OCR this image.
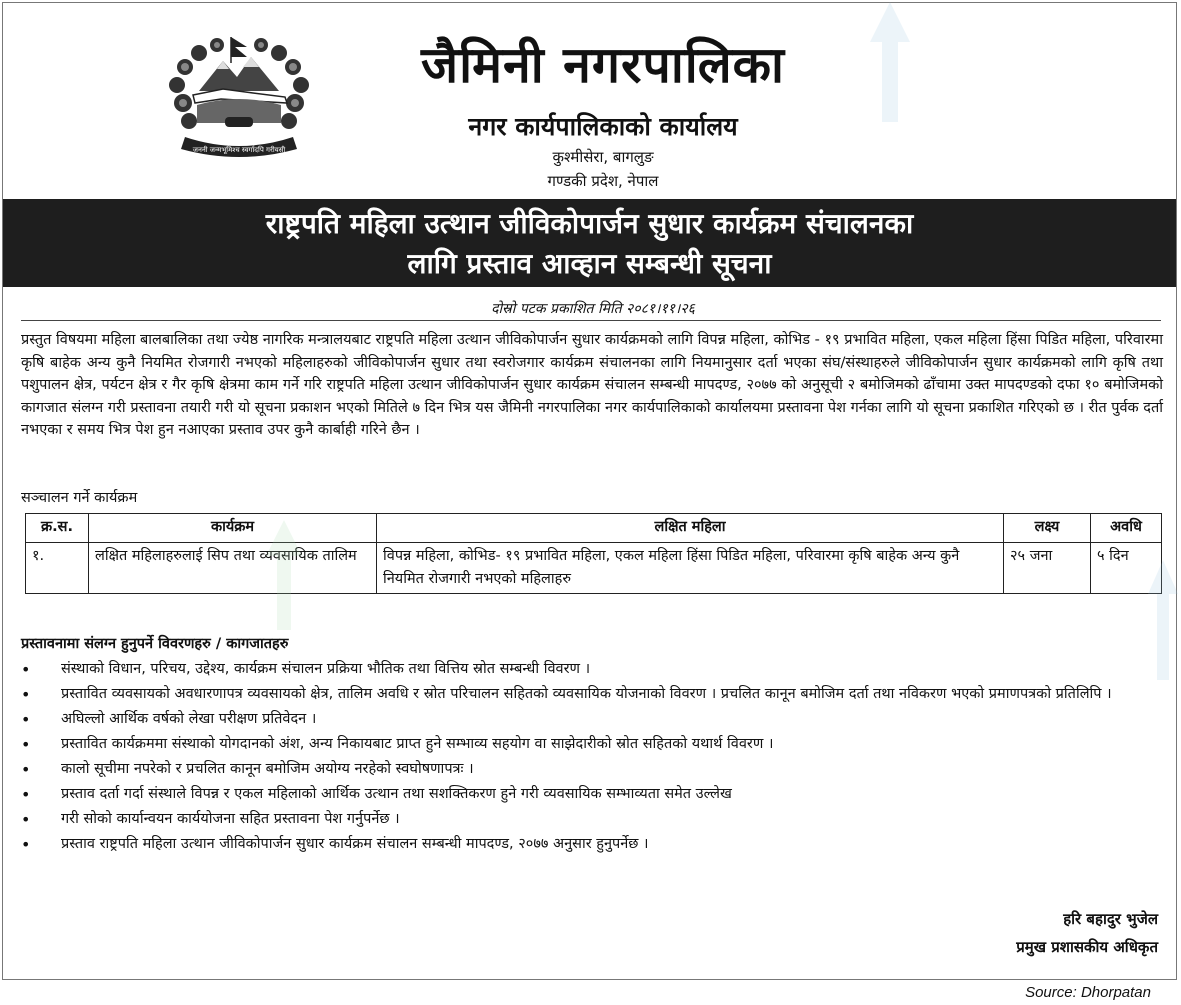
जननी जन्मभूमिश्च स्वर्गादपि गरीयसी
जैमिनी नगरपालिका
नगर कार्यपालिकाको कार्यालय
कुश्मीसेरा, बागलुङ
गण्डकी प्रदेश, नेपाल
राष्ट्रपति महिला उत्थान जीविकोपार्जन सुधार कार्यक्रम संचालनका
लागि प्रस्ताव आव्हान सम्बन्धी सूचना
दोस्रो पटक प्रकाशित मिति २०८१।११।२६

प्रस्तुत विषयमा महिला बालबालिका तथा ज्येष्ठ नागरिक मन्त्रालयबाट राष्ट्रपति महिला उत्थान जीविकोपार्जन सुधार कार्यक्रमको लागि विपन्न महिला, कोभिड - १९ प्रभावित महिला, एकल महिला हिंसा पिडित महिला, परिवारमा कृषि बाहेक अन्य कुनै नियमित रोजगारी नभएको महिलाहरुको जीविकोपार्जन सुधार तथा स्वरोजगार कार्यक्रम संचालनका लागि नियमानुसार दर्ता भएका संघ/संस्थाहरुले जीविकोपार्जन सुधार कार्यक्रमको लागि कृषि तथा पशुपालन क्षेत्र, पर्यटन क्षेत्र र गैर कृषि क्षेत्रमा काम गर्ने गरि राष्ट्रपति महिला उत्थान जीविकोपार्जन सुधार कार्यक्रम संचालन सम्बन्धी मापदण्ड, २०७७ को अनुसूची २ बमोजिमको ढाँचामा उक्त मापदण्डको दफा १० बमोजिमको कागजात संलग्न गरी प्रस्तावना तयारी गरी यो सूचना प्रकाशन भएको मितिले ७ दिन भित्र यस जैमिनी नगरपालिका नगर कार्यपालिकाको कार्यालयमा प्रस्तावना पेश गर्नका लागि यो सूचना प्रकाशित गरिएको छ । रीत पुर्वक दर्ता नभएका र समय भित्र पेश हुन नआएका प्रस्ताव उपर कुनै कार्बाही गरिने छैन ।

सञ्चालन गर्ने कार्यक्रम
क्र.स.	कार्यक्रम	लक्षित महिला	लक्ष्य	अवधि
१.	लक्षित महिलाहरुलाई सिप तथा व्यवसायिक तालिम	विपन्न महिला, कोभिड- १९ प्रभावित महिला, एकल महिला हिंसा पिडित महिला, परिवारमा कृषि बाहेक अन्य कुनै नियमित रोजगारी नभएको महिलाहरु	२५ जना	५ दिन
प्रस्तावनामा संलग्न हुनुपर्ने विवरणहरु / कागजातहरु
•	संस्थाको विधान, परिचय, उद्देश्य, कार्यक्रम संचालन प्रक्रिया भौतिक तथा वित्तिय स्रोत सम्बन्धी विवरण ।
•	प्रस्तावित व्यवसायको अवधारणापत्र व्यवसायको क्षेत्र, तालिम अवधि र स्रोत परिचालन सहितको व्यवसायिक योजनाको विवरण । प्रचलित कानून बमोजिम दर्ता तथा नविकरण भएको प्रमाणपत्रको प्रतिलिपि ।
•	अघिल्लो आर्थिक वर्षको लेखा परीक्षण प्रतिवेदन ।
•	प्रस्तावित कार्यक्रममा संस्थाको योगदानको अंश, अन्य निकायबाट प्राप्त हुने सम्भाव्य सहयोग वा साझेदारीको स्रोत सहितको यथार्थ विवरण ।
•	कालो सूचीमा नपरेको र प्रचलित कानून बमोजिम अयोग्य नरहेको स्वघोषणापत्रः ।
•	प्रस्ताव दर्ता गर्दा संस्थाले विपन्न र एकल महिलाको आर्थिक उत्थान तथा सशक्तिकरण हुने गरी व्यवसायिक सम्भाव्यता समेत उल्लेख
•	गरी सोको कार्यान्वयन कार्ययोजना सहित प्रस्तावना पेश गर्नुपर्नेछ ।
•	प्रस्ताव राष्ट्रपति महिला उत्थान जीविकोपार्जन सुधार कार्यक्रम संचालन सम्बन्धी मापदण्ड, २०७७ अनुसार हुनुपर्नेछ ।
हरि बहादुर भुजेल
प्रमुख प्रशासकीय अधिकृत
Source: Dhorpatan
